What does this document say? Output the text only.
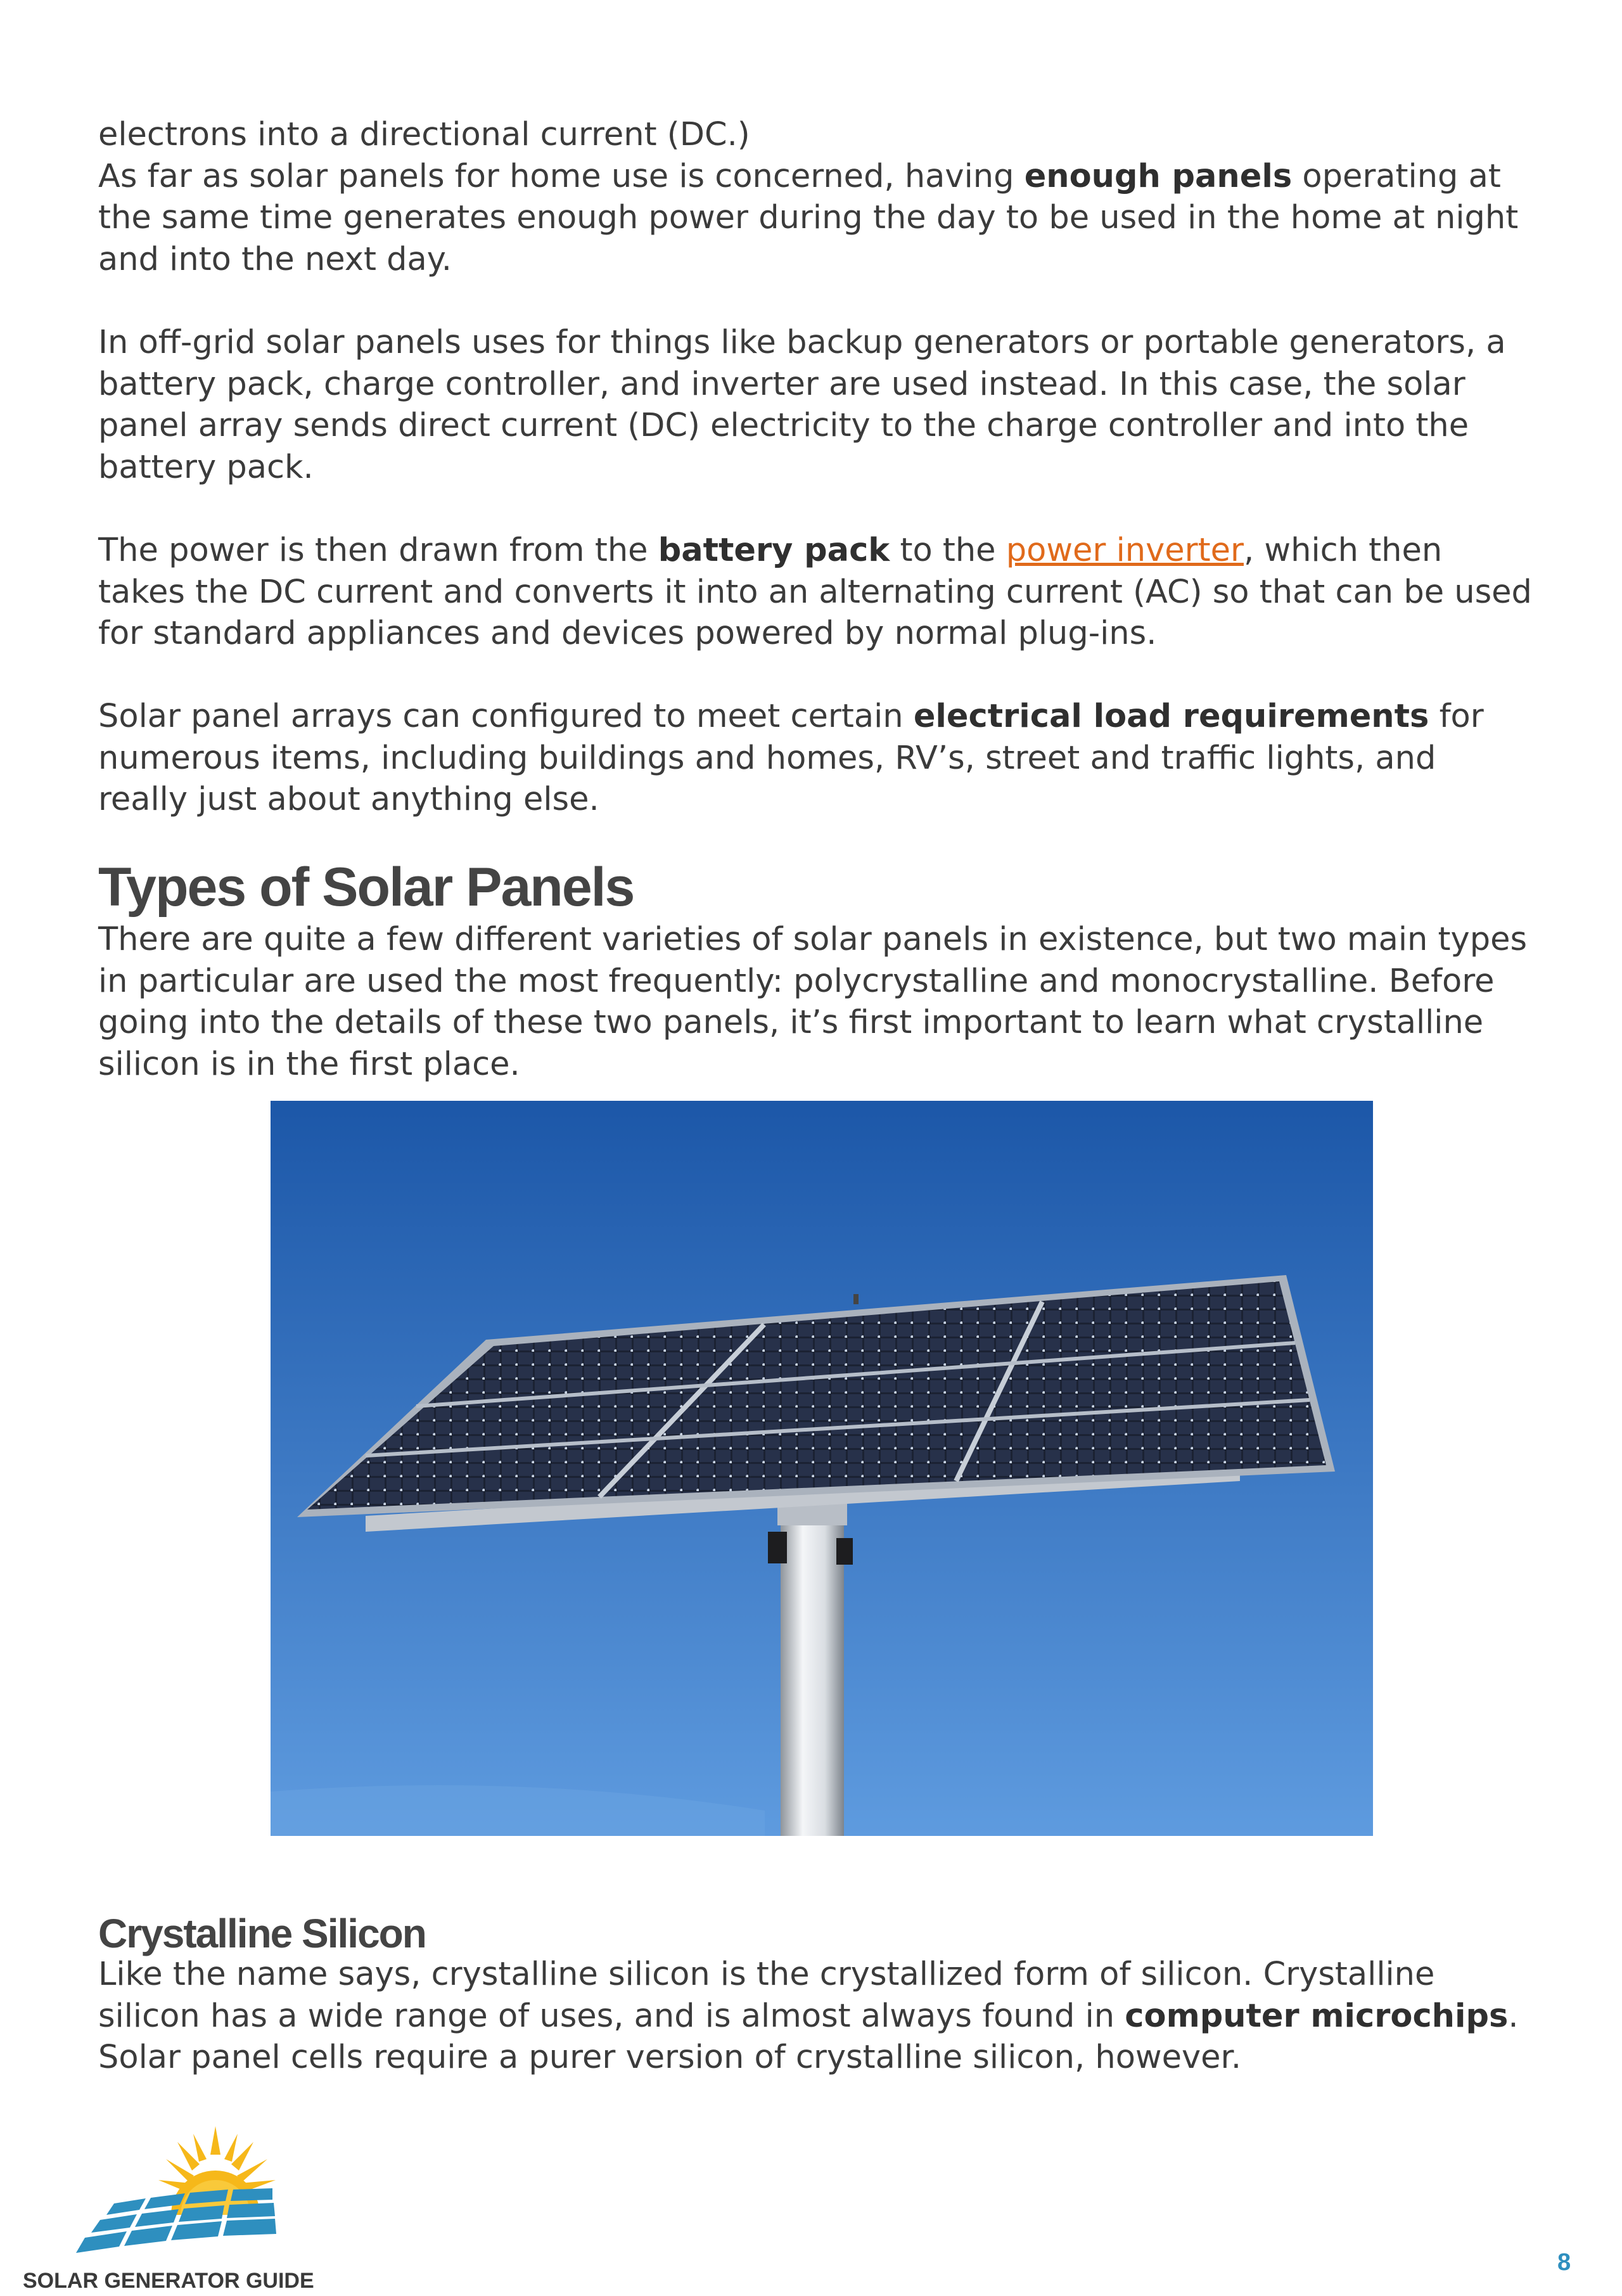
electrons into a directional current (DC.)
As far as solar panels for home use is concerned, having enough panels operating at the same time generates enough power during the day to be used in the home at night and into the next day.

In off-grid solar panels uses for things like backup generators or portable generators, a battery pack, charge controller, and inverter are used instead. In this case, the solar panel array sends direct current (DC) electricity to the charge controller and into the battery pack.

The power is then drawn from the battery pack to the power inverter, which then takes the DC current and converts it into an alternating current (AC) so that can be used for standard appliances and devices powered by normal plug-ins.

Solar panel arrays can configured to meet certain electrical load requirements for numerous items, including buildings and homes, RV’s, street and traffic lights, and really just about anything else.

Types of Solar Panels

There are quite a few different varieties of solar panels in existence, but two main types in particular are used the most frequently: polycrystalline and monocrystalline. Before going into the details of these two panels, it’s first important to learn what crystalline silicon is in the first place.

Crystalline Silicon

Like the name says, crystalline silicon is the crystallized form of silicon. Crystalline silicon has a wide range of uses, and is almost always found in computer microchips. Solar panel cells require a purer version of crystalline silicon, however.

SOLAR GENERATOR GUIDE
8
